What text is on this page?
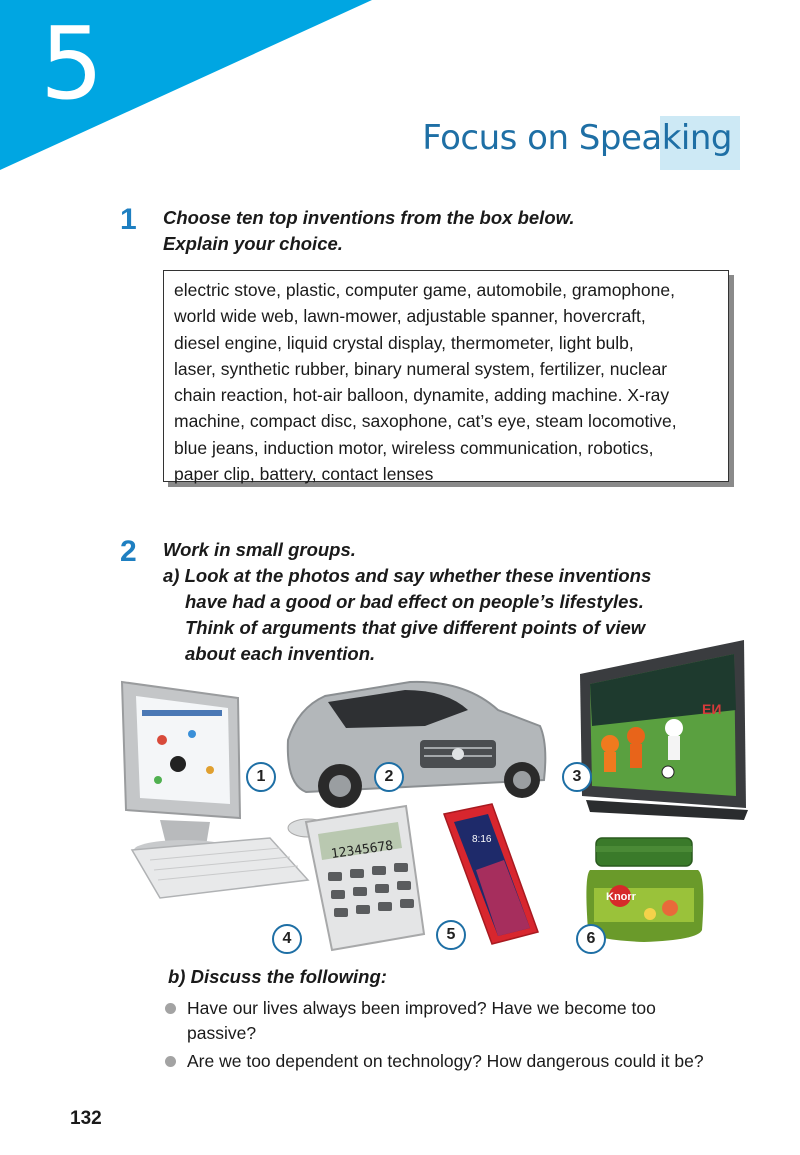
5
Focus on Speaking
1 Choose ten top inventions from the box below.
Explain your choice.

electric stove, plastic, computer game, automobile, gramophone,

world wide web, lawn-mower, adjustable spanner, hovercraft,

diesel engine, liquid crystal display, thermometer, light bulb,

laser, synthetic rubber, binary numeral system, fertilizer, nuclear

chain reaction, hot-air balloon, dynamite, adding machine. X-ray

machine, compact disc, saxophone, cat’s eye, steam locomotive,

blue jeans, induction motor, wireless communication, robotics,

paper clip, battery, contact lenses

2 Work in small groups.
a) Look at the photos and say whether these inventions
have had a good or bad effect on people’s lifestyles.
Think of arguments that give different points of view
about each invention.
EИ
12345678	8:16
Knorr
1	2	3
4	5	6
b) Discuss the following:
Have our lives always been improved? Have we become too
passive?
Are we too dependent on technology? How dangerous could it be?
132
